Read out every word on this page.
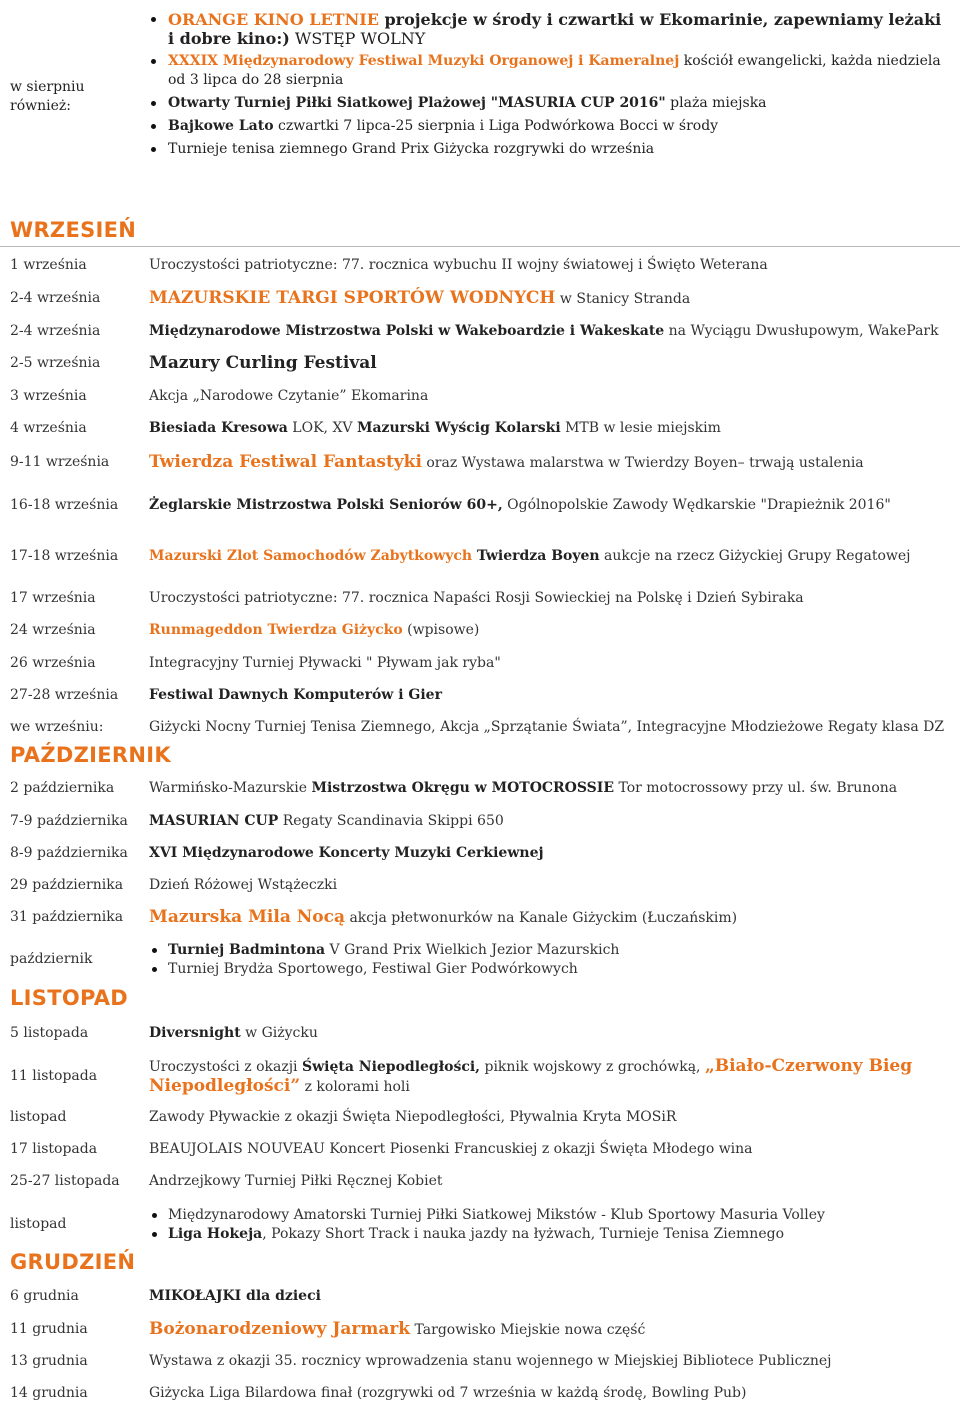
w sierpniu również:
ORANGE KINO LETNIE projekcje w środy i czwartki w Ekomarinie, zapewniamy leżaki i dobre kino:) WSTĘP WOLNY
XXXIX Międzynarodowy Festiwal Muzyki Organowej i Kameralnej kościół ewangelicki, każda niedziela od 3 lipca do 28 sierpnia
Otwarty Turniej Piłki Siatkowej Plażowej "MASURIA CUP 2016" plaża miejska
Bajkowe Lato czwartki 7 lipca-25 sierpnia i Liga Podwórkowa Bocci w środy
Turnieje tenisa ziemnego Grand Prix Giżycka rozgrywki do września
WRZESIEŃ
1 września	Uroczystości patriotyczne: 77. rocznica wybuchu II wojny światowej i Święto Weterana
2-4 września	MAZURSKIE TARGI SPORTÓW WODNYCH w Stanicy Stranda
2-4 września	Międzynarodowe Mistrzostwa Polski w Wakeboardzie i Wakeskate na Wyciągu Dwusłupowym, WakePark
2-5 września	Mazury Curling Festival
3 września	Akcja „Narodowe Czytanie” Ekomarina
4 września	Biesiada Kresowa LOK, XV Mazurski Wyścig Kolarski MTB w lesie miejskim
9-11 września Twierdza Festiwal Fantastyki oraz Wystawa malarstwa w Twierdzy Boyen– trwają ustalenia
16-18 września Żeglarskie Mistrzostwa Polski Seniorów 60+, Ogólnopolskie Zawody Wędkarskie "Drapieżnik 2016"
17-18 września Mazurski Zlot Samochodów Zabytkowych Twierdza Boyen aukcje na rzecz Giżyckiej Grupy Regatowej
17 września	Uroczystości patriotyczne: 77. rocznica Napaści Rosji Sowieckiej na Polskę i Dzień Sybiraka
24 września	Runmageddon Twierdza Giżycko (wpisowe)
26 września	Integracyjny Turniej Pływacki " Pływam jak ryba"
27-28 września Festiwal Dawnych Komputerów i Gier
we wrześniu:	Giżycki Nocny Turniej Tenisa Ziemnego, Akcja „Sprzątanie Świata”, Integracyjne Młodzieżowe Regaty klasa DZ
PAŹDZIERNIK
2 października Warmińsko-Mazurskie Mistrzostwa Okręgu w MOTOCROSSIE Tor motocrossowy przy ul. św. Brunona
7-9 października MASURIAN CUP Regaty Scandinavia Skippi 650
8-9 października XVI Międzynarodowe Koncerty Muzyki Cerkiewnej
29 października Dzień Różowej Wstążeczki
31 października Mazurska Mila Nocą akcja płetwonurków na Kanale Giżyckim (Łuczańskim)
październik
Turniej Badmintona V Grand Prix Wielkich Jezior Mazurskich
Turniej Brydża Sportowego, Festiwal Gier Podwórkowych
LISTOPAD
5 listopada	Diversnight w Giżycku
11 listopada
Uroczystości z okazji Święta Niepodległości, piknik wojskowy z grochówką, „Biało-Czerwony Bieg Niepodległości” z kolorami holi
listopad	Zawody Pływackie z okazji Święta Niepodległości, Pływalnia Kryta MOSiR
17 listopada	BEAUJOLAIS NOUVEAU Koncert Piosenki Francuskiej z okazji Święta Młodego wina
25-27 listopada Andrzejkowy Turniej Piłki Ręcznej Kobiet
listopad
Międzynarodowy Amatorski Turniej Piłki Siatkowej Mikstów - Klub Sportowy Masuria Volley
Liga Hokeja, Pokazy Short Track i nauka jazdy na łyżwach, Turnieje Tenisa Ziemnego
GRUDZIEŃ
6 grudnia	MIKOŁAJKI dla dzieci
11 grudnia	Bożonarodzeniowy Jarmark Targowisko Miejskie nowa część
13 grudnia	Wystawa z okazji 35. rocznicy wprowadzenia stanu wojennego w Miejskiej Bibliotece Publicznej
14 grudnia	Giżycka Liga Bilardowa finał (rozgrywki od 7 września w każdą środę, Bowling Pub)
